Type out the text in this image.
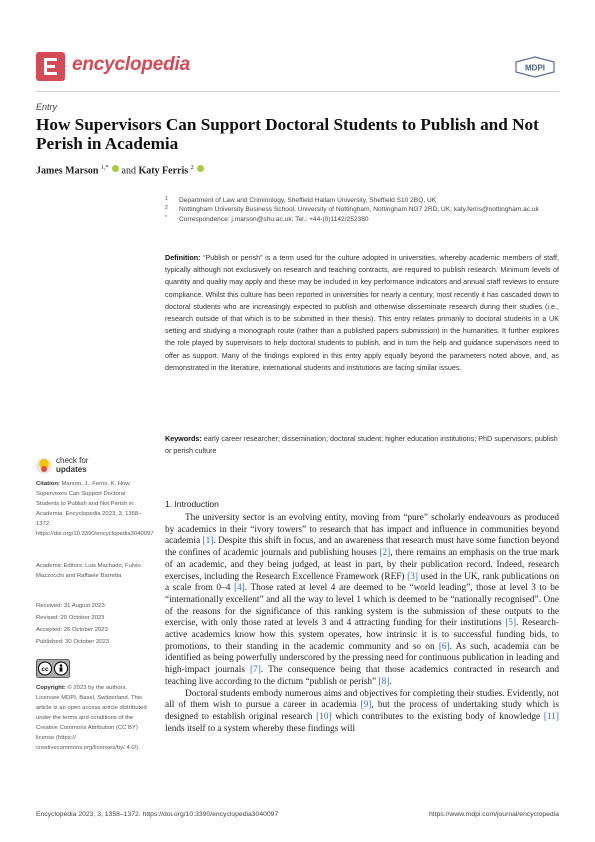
encyclopedia	MDPI
Entry
How Supervisors Can Support Doctoral Students to Publish and Not Perish in Academia
James Marson $^{1,*}$ and Katy Ferris $^2$
1 Department of Law and Criminology, Sheffield Hallam University, Sheffield S10 2BQ, UK
2 Nottingham University Business School, University of Nottingham, Nottingham NG7 2RD, UK; katy.ferris@nottingham.ac.uk
* Correspondence: j.marson@shu.ac.uk; Tel.: +44-(0)1142/252380
Definition: “Publish or perish” is a term used for the culture adopted in universities, whereby academic members of staff, typically although not exclusively on research and teaching contracts, are required to publish research. Minimum levels of quantity and quality may apply and these may be included in key performance indicators and annual staff reviews to ensure compliance. Whilst this culture has been reported in universities for nearly a century, most recently it has cascaded down to doctoral students who are increasingly expected to publish and otherwise disseminate research during their studies (i.e., research outside of that which is to be submitted in their thesis). This entry relates primarily to doctoral students in a UK setting and studying a monograph route (rather than a published papers submission) in the humanities. It further explores the role played by supervisors to help doctoral students to publish, and in turn the help and guidance supervisors need to offer as support. Many of the findings explored in this entry apply equally beyond the parameters noted above, and, as demonstrated in the literature, international students and institutions are facing similar issues.
Keywords: early career researcher; dissemination; doctoral student; higher education institutions; PhD supervisors; publish or perish culture
check for
updates
Citation: Marson, J.; Ferris, K. How Supervisors Can Support Doctoral Students to Publish and Not Perish in Academia. Encyclopedia 2023, 3, 1358–1372. https://doi.org/10.3390/encyclopedia3040097
Academic Editors: Luis Machado, Fulvio Mazzocchi and Raffaele Barretta
Received: 31 August 2023
Revised: 20 October 2023
Accepted: 26 October 2023
Published: 30 October 2023
cc
Copyright: © 2023 by the authors. Licensee MDPI, Basel, Switzerland. This article is an open access article distributed under the terms and conditions of the Creative Commons Attribution (CC BY) license (https:// creativecommons.org/licenses/by/ 4.0/).
1. Introduction

The university sector is an evolving entity, moving from “pure” scholarly endeavours as produced by academics in their “ivory towers” to research that has impact and influence in communities beyond academia [1]. Despite this shift in focus, and an awareness that research must have some function beyond the confines of academic journals and publishing houses [2], there remains an emphasis on the true mark of an academic, and they being judged, at least in part, by their publication record. Indeed, research exercises, including the Research Excellence Framework (REF) [3] used in the UK, rank publications on a scale from 0–4 [4]. Those rated at level 4 are deemed to be “world leading”, those at level 3 to be “internationally excellent” and all the way to level 1 which is deemed to be “nationally recognised”. One of the reasons for the significance of this ranking system is the submission of these outputs to the exercise, with only those rated at levels 3 and 4 attracting funding for their institutions [5]. Research-active academics know how this system operates, how intrinsic it is to successful funding bids, to promotions, to their standing in the academic community and so on [6]. As such, academia can be identified as being powerfully underscored by the pressing need for continuous publication in leading and high-impact journals [7]. The consequence being that those academics contracted in research and teaching live according to the dictum “publish or perish” [8].

Doctoral students embody numerous aims and objectives for completing their studies. Evidently, not all of them wish to pursue a career in academia [9], but the process of undertaking study which is designed to establish original research [10] which contributes to the existing body of knowledge [11] lends itself to a system whereby these findings will

Encyclopedia 2023, 3, 1358–1372. https://doi.org/10.3390/encyclopedia3040097	https://www.mdpi.com/journal/encyclopedia
